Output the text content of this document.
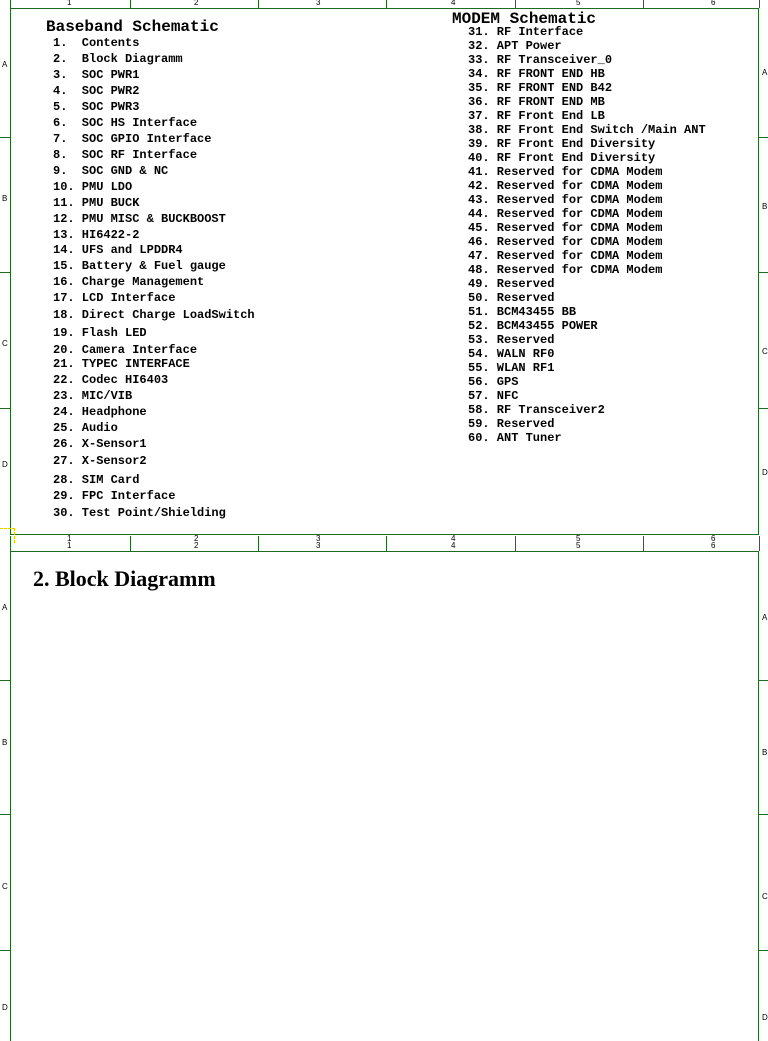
1	2	3	4	5	6
1	2	3	4	5	6
1	2	3	4	5	6
A
A
B
B
C
C
D
D
A
A
B
B
C
C
D
D
Baseband Schematic	MODEM Schematic
1.  Contents
2.  Block Diagramm
3.  SOC PWR1
4.  SOC PWR2
5.  SOC PWR3
6.  SOC HS Interface
7.  SOC GPIO Interface
8.  SOC RF Interface
9.  SOC GND & NC
10. PMU LDO
11. PMU BUCK
12. PMU MISC & BUCKBOOST
13. HI6422-2
14. UFS and LPDDR4
15. Battery & Fuel gauge
16. Charge Management
17. LCD Interface
18. Direct Charge LoadSwitch
19. Flash LED
20. Camera Interface
21. TYPEC INTERFACE
22. Codec HI6403
23. MIC/VIB
24. Headphone
25. Audio
26. X-Sensor1
27. X-Sensor2
28. SIM Card
29. FPC Interface
30. Test Point/Shielding
31. RF Interface
32. APT Power
33. RF Transceiver_0
34. RF FRONT END HB
35. RF FRONT END B42
36. RF FRONT END MB
37. RF Front End LB
38. RF Front End Switch /Main ANT
39. RF Front End Diversity
40. RF Front End Diversity
41. Reserved for CDMA Modem
42. Reserved for CDMA Modem
43. Reserved for CDMA Modem
44. Reserved for CDMA Modem
45. Reserved for CDMA Modem
46. Reserved for CDMA Modem
47. Reserved for CDMA Modem
48. Reserved for CDMA Modem
49. Reserved
50. Reserved
51. BCM43455 BB
52. BCM43455 POWER
53. Reserved
54. WALN RF0
55. WLAN RF1
56. GPS
57. NFC
58. RF Transceiver2
59. Reserved
60. ANT Tuner
2. Block Diagramm
